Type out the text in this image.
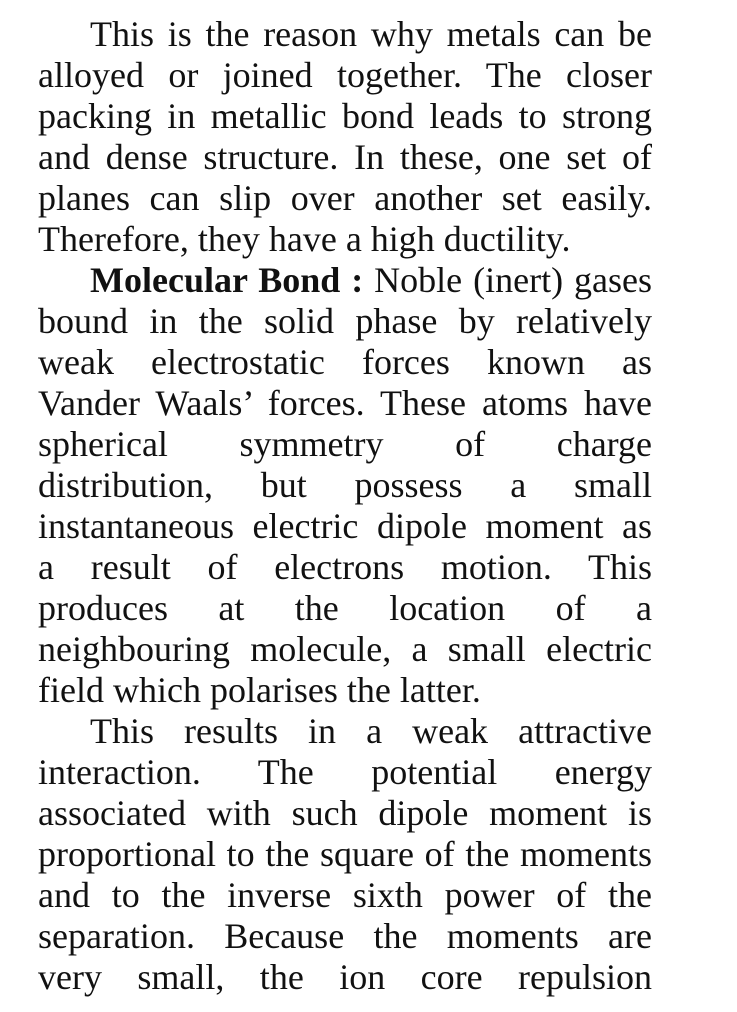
This is the reason why metals can be
alloyed or joined together. The closer
packing in metallic bond leads to strong
and dense structure. In these, one set of
planes can slip over another set easily.
Therefore, they have a high ductility.
Molecular Bond : Noble (inert) gases
bound in the solid phase by relatively
weak electrostatic forces known as
Vander Waals’ forces. These atoms have
spherical symmetry of charge
distribution, but possess a small
instantaneous electric dipole moment as
a result of electrons motion. This
produces at the location of a
neighbouring molecule, a small electric
field which polarises the latter.
This results in a weak attractive
interaction. The potential energy
associated with such dipole moment is
proportional to the square of the moments
and to the inverse sixth power of the
separation. Because the moments are
very small, the ion core repulsion
